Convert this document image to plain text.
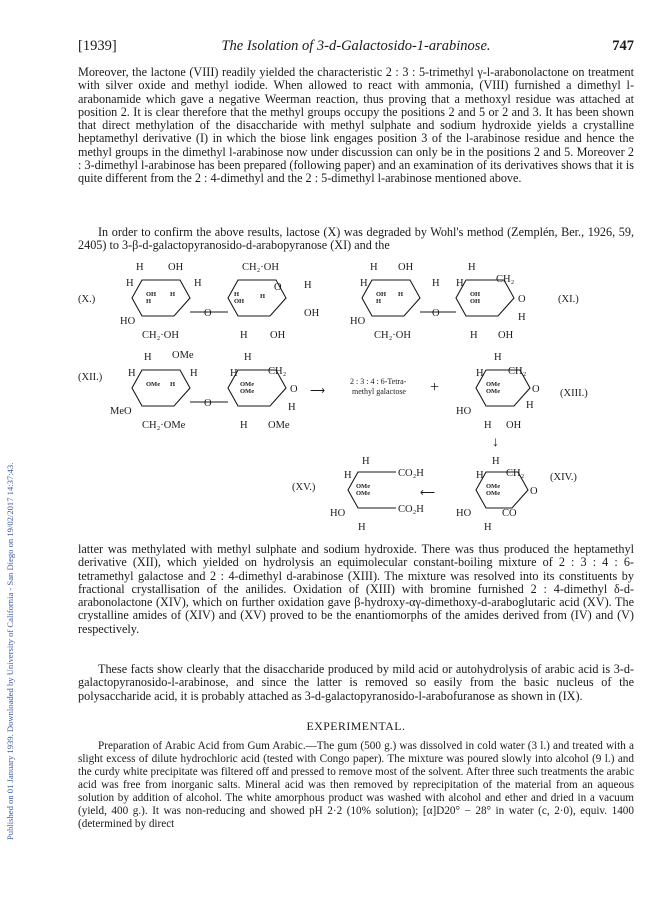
Published on 01 January 1939. Downloaded by University of California - San Diego on 19/02/2017 14:37:43.
[1939]	The Isolation of 3-d-Galactosido-1-arabinose.	747

Moreover, the lactone (VIII) readily yielded the characteristic 2 : 3 : 5-trimethyl γ-l-arabonolactone on treatment with silver oxide and methyl iodide. When allowed to react with ammonia, (VIII) furnished a dimethyl l-arabonamide which gave a negative Weerman reaction, thus proving that a methoxyl residue was attached at position 2. It is clear therefore that the methyl groups occupy the positions 2 and 5 or 2 and 3. It has been shown that direct methylation of the disaccharide with methyl sulphate and sodium hydroxide yields a crystalline heptamethyl derivative (I) in which the biose link engages position 3 of the l-arabinose residue and hence the methyl groups in the dimethyl l-arabinose now under discussion can only be in the positions 2 and 5. Moreover 2 : 3-dimethyl l-arabinose has been prepared (following paper) and an examination of its derivatives shows that it is quite different from the 2 : 4-dimethyl and the 2 : 5-dimethyl l-arabinose mentioned above.

In order to confirm the above results, lactose (X) was degraded by Wohl's method (Zemplén, Ber., 1926, 59, 2405) to 3-β-d-galactopyranosido-d-arabopyranose (XI) and the

(X.)
H OH	CH₂·OH
H	H	O H
OH
H
H	H
OH
H
O	OH
HO
CH₂·OH	H OH
H OH	H
H	H H	CH₂
OH
H
H	OH
OH
O
O
H
(XI.)
HO
CH₂·OH	H OH
(XII.)
H OMe	H
H	H	H	CH₂
OMe H	OMe
OMe
O
O
H
MeO
CH₂·OMe	H OMe
⟶
2 : 3 : 4 : 6-Tetra-
methyl galactose +
H
H CH₂
OMe
OMe	O
H
(XIII.)
HO
H OH
↓
H
H CH₂
OMe
OMe	O
(XIV.)
HO	CO
H
⟵
(XV.)
H
H	CO₂H
CO₂H
OMe
OMe
HO
H

latter was methylated with methyl sulphate and sodium hydroxide. There was thus produced the heptamethyl derivative (XII), which yielded on hydrolysis an equimolecular constant-boiling mixture of 2 : 3 : 4 : 6-tetramethyl galactose and 2 : 4-dimethyl d-arabinose (XIII). The mixture was resolved into its constituents by fractional crystallisation of the anilides. Oxidation of (XIII) with bromine furnished 2 : 4-dimethyl δ-d-arabonolactone (XIV), which on further oxidation gave β-hydroxy-αγ-dimethoxy-d-araboglutaric acid (XV). The crystalline amides of (XIV) and (XV) proved to be the enantiomorphs of the amides derived from (IV) and (V) respectively.

These facts show clearly that the disaccharide produced by mild acid or autohydrolysis of arabic acid is 3-d-galactopyranosido-l-arabinose, and since the latter is removed so easily from the basic nucleus of the polysaccharide acid, it is probably attached as 3-d-galactopyranosido-l-arabofuranose as shown in (IX).

EXPERIMENTAL.

Preparation of Arabic Acid from Gum Arabic.—The gum (500 g.) was dissolved in cold water (3 l.) and treated with a slight excess of dilute hydrochloric acid (tested with Congo paper). The mixture was poured slowly into alcohol (9 l.) and the curdy white precipitate was filtered off and pressed to remove most of the solvent. After three such treatments the arabic acid was free from inorganic salts. Mineral acid was then removed by reprecipitation of the material from an aqueous solution by addition of alcohol. The white amorphous product was washed with alcohol and ether and dried in a vacuum (yield, 400 g.). It was non-reducing and showed pH 2·2 (10% solution); [α]D20° − 28° in water (c, 2·0), equiv. 1400 (determined by direct
